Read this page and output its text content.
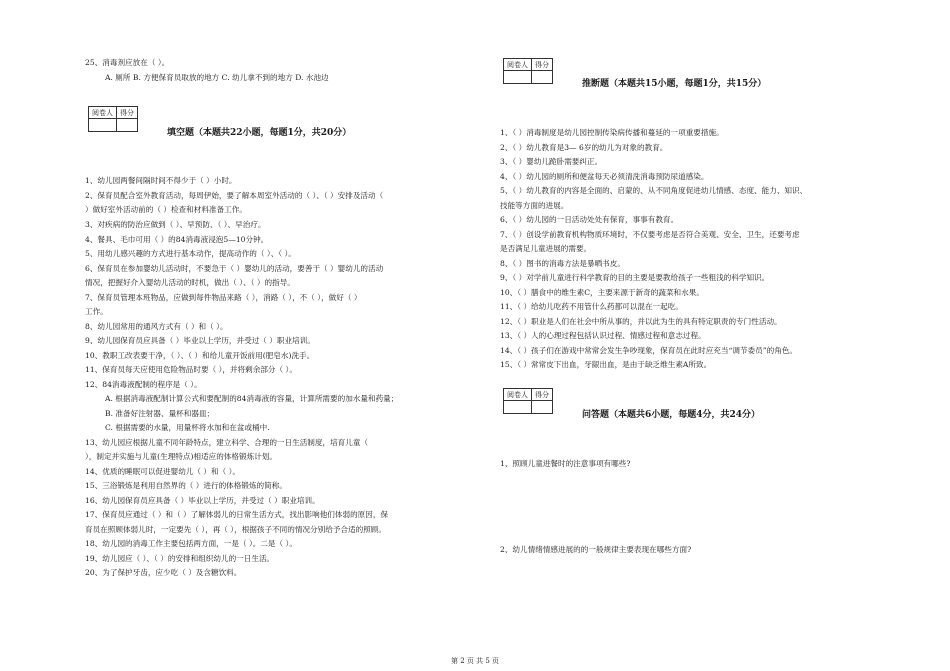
25、消毒剂应放在（ ）。
A. 厕所 B. 方便保育员取放的地方 C. 幼儿拿不到的地方 D. 水池边
阅卷人	得分

填空题（本题共22小题，每题1分，共20分）
1、幼儿园两餐间隔时间不得少于（ ）小时。
2、保育员配合室外教育活动，每周伊始，要了解本周室外活动的（ ）、（ ）安排及活动（
）做好室外活动前的（ ）检查和材料准备工作。
3、对疾病的防治应做到（ ）、早预防、（ ）、早治疗。
4、餐具、毛巾可用（ ）的84消毒液浸泡5—10分钟。
5、用幼儿感兴趣的方式进行基本动作，提高动作的（ ）、（ ）。
6、保育员在参加婴幼儿活动时，不要急于（ ）婴幼儿的活动，要善于（ ）婴幼儿的活动
情况，把握好介入婴幼儿活动的时机，做出（ ）、（ ）的指导。
7、保育员管理本班物品，应做到每件物品来路（ ），消路（ ），不（ ），做好（ ）
工作。
8、幼儿园常用的通风方式有（ ）和（ ）。
9、幼儿园保育员应具备（ ）毕业以上学历，并受过（ ）职业培训。
10、教职工改表要干净，（ ）、（ ）和给儿童开饭前用(肥皂水)洗手。
11、保育员每天应使用危险物品时要（ ），并将剩余部分（ ）。
12、84消毒液配制的程序是（ ）。
A. 根据消毒液配制计算公式和要配制的84消毒液的容量，计算所需要的加水量和药量；
B. 准备好注射器、量杯和器皿；
C. 根据需要的水量，用量杯将水加和在盆或桶中.
13、幼儿园应根据儿童不同年龄特点，建立科学、合理的一日生活制度，培育儿童（
），制定并实施与儿童(生理特点)相适应的体格锻炼计划。
14、优质的睡眠可以促进婴幼儿（ ）和（ ）。
15、三浴锻炼是利用自然界的（ ）进行的体格锻炼的简称。
16、幼儿园保育员应具备（ ）毕业以上学历，并受过（ ）职业培训。
17、保育员应通过（ ）和（ ）了解体弱儿的日常生活方式，找出影响他们体弱的原因，保
育员在照顾体弱儿时，一定要先（ ），再（ ），根据孩子不同的情况分别给予合适的照顾。
18、幼儿园的消毒工作主要包括两方面，一是（ ）。二是（ ）。
19、幼儿园应（ ）、（ ）的安排和组织幼儿的一日生活。
20、为了保护牙齿，应少吃（ ）及含糖饮料。
阅卷人	得分

推断题（本题共15小题，每题1分，共15分）
1、（ ）消毒制度是幼儿园控制传染病传播和蔓延的一项重要措施。
2、（ ）幼儿教育是3— 6岁的幼儿为对象的教育。
3、（ ）婴幼儿跪卧需要纠正。
4、（ ）幼儿园的厕所和便盆每天必须清洗消毒预防尿道感染。
5、（ ）幼儿教育的内容是全面的、启蒙的、从不同角度促进幼儿情感、态度、能力、知识、
技能等方面的进展。
6、（ ）幼儿园的一日活动处处有保育，事事有教育。
7、（ ）创设学前教育机构物质环境时，不仅要考虑是否符合美观、安全、卫生，还要考虑
是否满足儿童进展的需要。
8、（ ）图书的消毒方法是暴晒书皮。
9、（ ）对学前儿童进行科学教育的目的主要是要教给孩子一些粗浅的科学知识。
10、（ ）膳食中的维生素C，主要来源于新奇的蔬菜和水果。
11、（ ）给幼儿吃药不用管什么药都可以混在一起吃。
12、（ ）职业是人们在社会中所从事的，并以此为生的具有特定职责的专门性活动。
13、（ ）人的心理过程包括认识过程、情感过程和意志过程。
14、（ ）孩子们在游戏中常常会发生争吵现象，保育员在此时应充当“调节委员”的角色。
15、（ ）常常皮下出血，牙龈出血，是由于缺乏维生素A所致。
阅卷人	得分

问答题（本题共6小题，每题4分，共24分）
1、照顾儿童进餐时的注意事项有哪些?
2、幼儿情绪情感进展的的一般规律主要表现在哪些方面?
第 2 页 共 5 页
